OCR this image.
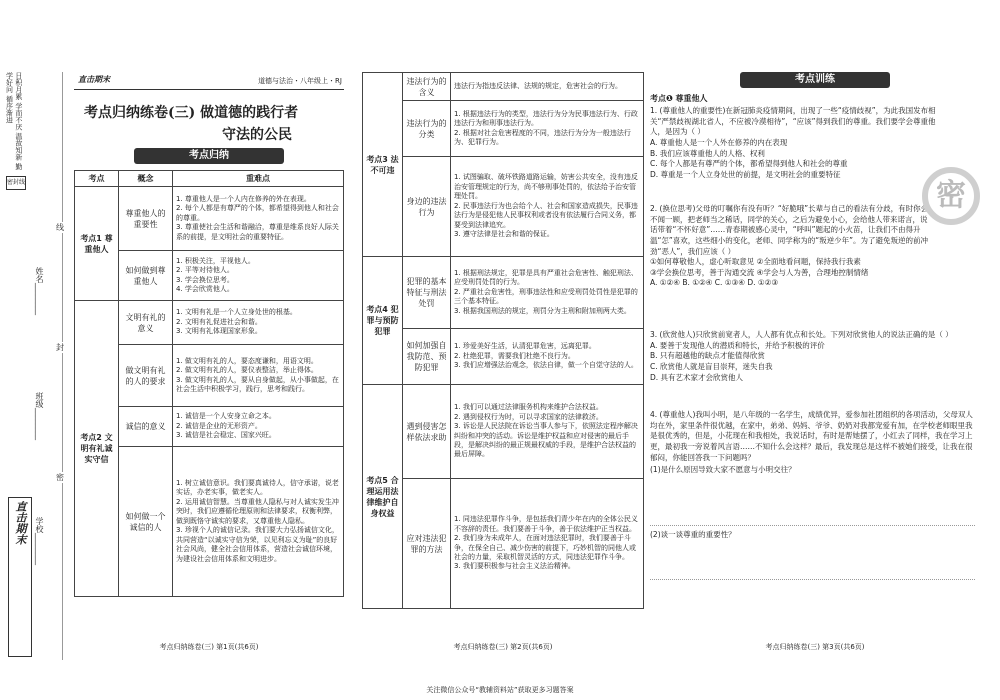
日积月累 学而不厌 温故知新 勤学好问 循序渐进
密封线
姓名________
班级________
学校________
线
封
密
直击期末
直击期末	道德与法治・八年级上・RJ
考点归纳练卷(三) 做道德的践行者
守法的公民
考点归纳
考点	概念	重难点
考点1 尊重他人	尊重他人的重要性	1. 尊重他人是一个人内在修养的外在表现。
2. 每个人都是有尊严的个体，都希望得到他人和社会的尊重。
3. 尊重使社会生活和谐融洽，尊重是维系良好人际关系的前提，是文明社会的重要特征。
	如何做到尊重他人	1. 积极关注，平视他人。
2. 平等对待他人。
3. 学会换位思考。
4. 学会欣赏他人。
考点2 文明有礼诚实守信	文明有礼的意义	1. 文明有礼是一个人立身处世的根基。
2. 文明有礼促进社会和谐。
3. 文明有礼体现国家形象。
	做文明有礼的人的要求	1. 做文明有礼的人，要态度谦和，用语文明。
2. 做文明有礼的人，要仪表整洁，举止得体。
3. 做文明有礼的人，要从自身做起，从小事做起，在社会生活中积极学习，践行，思考和践行。
	诚信的意义	1. 诚信是一个人安身立命之本。
2. 诚信是企业的无形资产。
3. 诚信是社会稳定、国家兴旺。
	如何做一个诚信的人	1. 树立诚信意识。我们要真诚待人，信守承诺，说老实话，办老实事，做老实人。
2. 运用诚信智慧。当尊重他人隐私与对人诚实发生冲突时，我们应遵循伦理原则和法律要求，权衡利弊，做到既恪守诚实的要求，又尊重他人隐私。
3. 珍视个人的诚信记录。我们要大力弘扬诚信文化，共同营造“以诚实守信为荣，以见利忘义为耻”的良好社会风尚，健全社会信用体系，营造社会诚信环境，为建设社会信用体系和文明进步。
考点归纳练卷(三) 第1页(共6页)
考点3 法不可违	违法行为的含义	违法行为指违反法律、法规的规定，危害社会的行为。
	违法行为的分类	1. 根据违法行为的类型，违法行为分为民事违法行为、行政违法行为和刑事违法行为。
2. 根据对社会危害程度的不同，违法行为分为一般违法行为、犯罪行为。
	身边的违法行为	1. 试图骗取、破坏铁路道路运输，妨害公共安全，没有违反治安管理规定的行为，尚不够刑事处罚的，依法给予治安管理处罚。
2. 民事违法行为也会给个人、社会和国家造成损失，民事违法行为是侵犯他人民事权利或者没有依法履行合同义务，都要受到法律追究。
3. 遵守法律是社会和谐的保证。
考点4 犯罪与预防犯罪	犯罪的基本特征与刑法处罚	1. 根据刑法规定，犯罪是具有严重社会危害性、触犯刑法、应受刑罚处罚的行为。
2. 严重社会危害性，刑事违法性和应受刑罚处罚性是犯罪的三个基本特征。
3. 根据我国刑法的规定，刑罚分为主刑和附加刑两大类。
	如何加强自我防范、预防犯罪	1. 珍爱美好生活，认清犯罪危害，远离犯罪。
2. 杜绝犯罪，需要我们杜绝不良行为。
3. 我们应增强法治观念，依法自律，做一个自觉守法的人。
考点5 合理运用法律维护自身权益	遇到侵害怎样依法求助	1. 我们可以通过法律服务机构来维护合法权益。
2. 遇到侵权行为时，可以寻求国家的法律救济。
3. 诉讼是人民法院在诉讼当事人参与下，依照法定程序解决纠纷和冲突的活动。诉讼是维护权益和应对侵害的最后手段，是解决纠纷的最正规最权威的手段，是维护合法权益的最后屏障。
	应对违法犯罪的方法	1. 同违法犯罪作斗争，是包括我们青少年在内的全体公民义不容辞的责任。我们要善于斗争，善于依法维护正当权益。
2. 我们身为未成年人，在面对违法犯罪时，我们要善于斗争，在保全自己、减少伤害的前提下，巧妙机智的同他人或社会的力量，采取机智灵活的方式，同违法犯罪作斗争。
3. 我们要积极参与社会主义法治精神。
考点归纳练卷(三) 第2页(共6页)
考点训练
考点❶ 尊重他人
1. (尊重他人的重要性)在新冠肺炎疫情期间，出现了一些“疫情歧视”，为此我国发布相关“严禁歧视湖北省人，不应被冷漠相待”，“应该”得到我们的尊重。我们要学会尊重他人，是因为（ ）
A. 尊重他人是一个人外在修养的内在表现
B. 我们应该尊重他人的人格、权利
C. 每个人都是有尊严的个体，都希望得到他人和社会的尊重
D. 尊重是一个人立身处世的前提，是文明社会的重要特征
2. (换位思考)父母的叮嘱你有没有听？“好脆哦”长辈与自己的看法有分歧，有时你会不闻一顾，把老师当之稀话，同学的关心，之后为避免小心，会给他人带来诺言，说话带着“不怀好意”……青春期被感心灵中，“呼叫”题起的小火苗，让我们不由得升温“怎”喜欢，这些细小的变化，老师、同学称为的“叛逆少年”。为了避免叛逆的前冲劲“恶人”，我们应该（ ）
①如何尊敬他人，虚心听取意见 ②全面地看问题，保持我行我素
③学会换位思考，善于沟通交流 ④学会与人为善，合理地控制情绪
A. ①②④ B. ①②④ C. ①③④ D. ①②③
密
3. (欣赏他人)只欣赏前宽者人，人人都有优点和长处。下列对欣赏他人的说法正确的是（ ）
A. 要善于发现他人的潜质和特长，并给予积极的评价
B. 只有超越他的缺点才能值得欣赏
C. 欣赏他人就是盲目崇拜，迷失自我
D. 具有艺术家才会欣赏他人
4. (尊重他人)我叫小明，是八年级的一名学生，成绩优异，爱参加社团组织的各项活动，父母双人均在外，家里条件很优越，在家中，弟弟、妈妈、爷爷、奶奶对我都宠爱有加，在学校老师眼里我是很优秀的，但是，小花现在和我相处，我说话时，有时是帮她摆了，小红去了同样，我在学习上更，最初我一旁说着风言语……不知什么会这样？最后，我发现总是这样不被她们接受，让我在很郁闷，你能回答我一下问题吗？
(1)是什么原因导致大家不愿意与小明交往？
(2)谈一谈尊重的重要性？
考点归纳练卷(三) 第3页(共6页)
关注微信公众号“教辅资料站”获取更多习题答案
